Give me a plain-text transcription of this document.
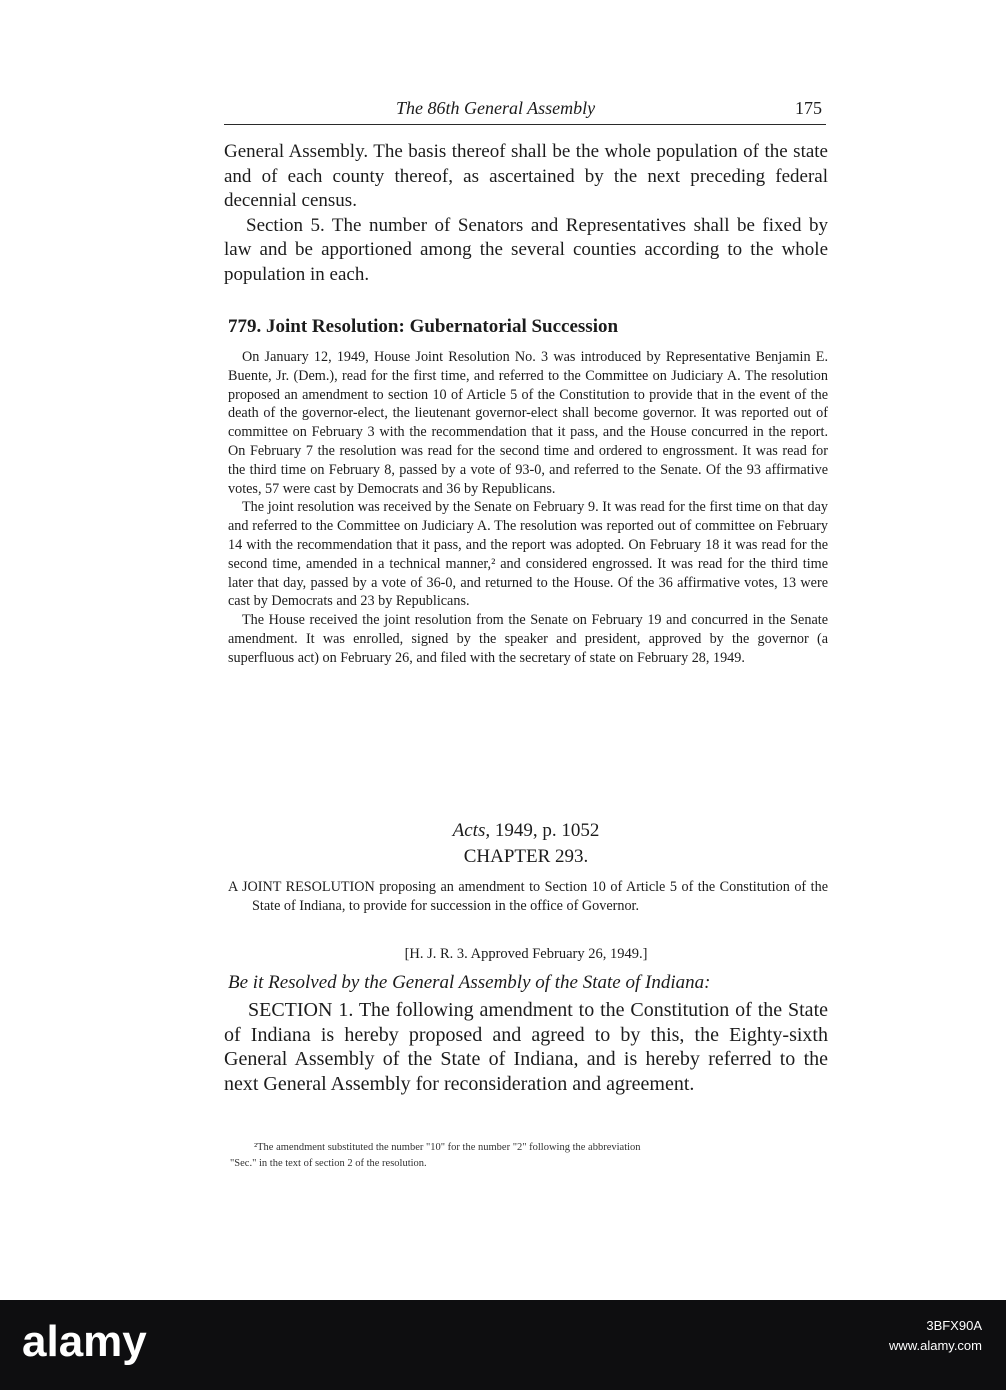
The 86th General Assembly	175

General Assembly. The basis thereof shall be the whole population of the state and of each county thereof, as ascertained by the next preceding federal decennial census.

Section 5. The number of Senators and Representatives shall be fixed by law and be apportioned among the several counties according to the whole population in each.

779. Joint Resolution: Gubernatorial Succession

On January 12, 1949, House Joint Resolution No. 3 was introduced by Representative Benjamin E. Buente, Jr. (Dem.), read for the first time, and referred to the Committee on Judiciary A. The resolution proposed an amendment to section 10 of Article 5 of the Constitution to provide that in the event of the death of the governor-elect, the lieutenant governor-elect shall become governor. It was reported out of committee on February 3 with the recommendation that it pass, and the House concurred in the report. On February 7 the resolution was read for the second time and ordered to engrossment. It was read for the third time on February 8, passed by a vote of 93-0, and referred to the Senate. Of the 93 affirmative votes, 57 were cast by Democrats and 36 by Republicans.

The joint resolution was received by the Senate on February 9. It was read for the first time on that day and referred to the Committee on Judiciary A. The resolution was reported out of committee on February 14 with the recommendation that it pass, and the report was adopted. On February 18 it was read for the second time, amended in a technical manner,² and considered engrossed. It was read for the third time later that day, passed by a vote of 36-0, and returned to the House. Of the 36 affirmative votes, 13 were cast by Democrats and 23 by Republicans.

The House received the joint resolution from the Senate on February 19 and concurred in the Senate amendment. It was enrolled, signed by the speaker and president, approved by the governor (a superfluous act) on February 26, and filed with the secretary of state on February 28, 1949.

Acts, 1949, p. 1052
CHAPTER 293.
A JOINT RESOLUTION proposing an amendment to Section 10 of Article 5 of the Constitution of the State of Indiana, to provide for succession in the office of Governor.
[H. J. R. 3. Approved February 26, 1949.]
Be it Resolved by the General Assembly of the State of Indiana:

SECTION 1. The following amendment to the Constitution of the State of Indiana is hereby proposed and agreed to by this, the Eighty-sixth General Assembly of the State of Indiana, and is hereby referred to the next General Assembly for reconsideration and agreement.

²The amendment substituted the number "10" for the number "2" following the abbreviation

"Sec." in the text of section 2 of the resolution.

alamy	3BFX90A
www.alamy.com
